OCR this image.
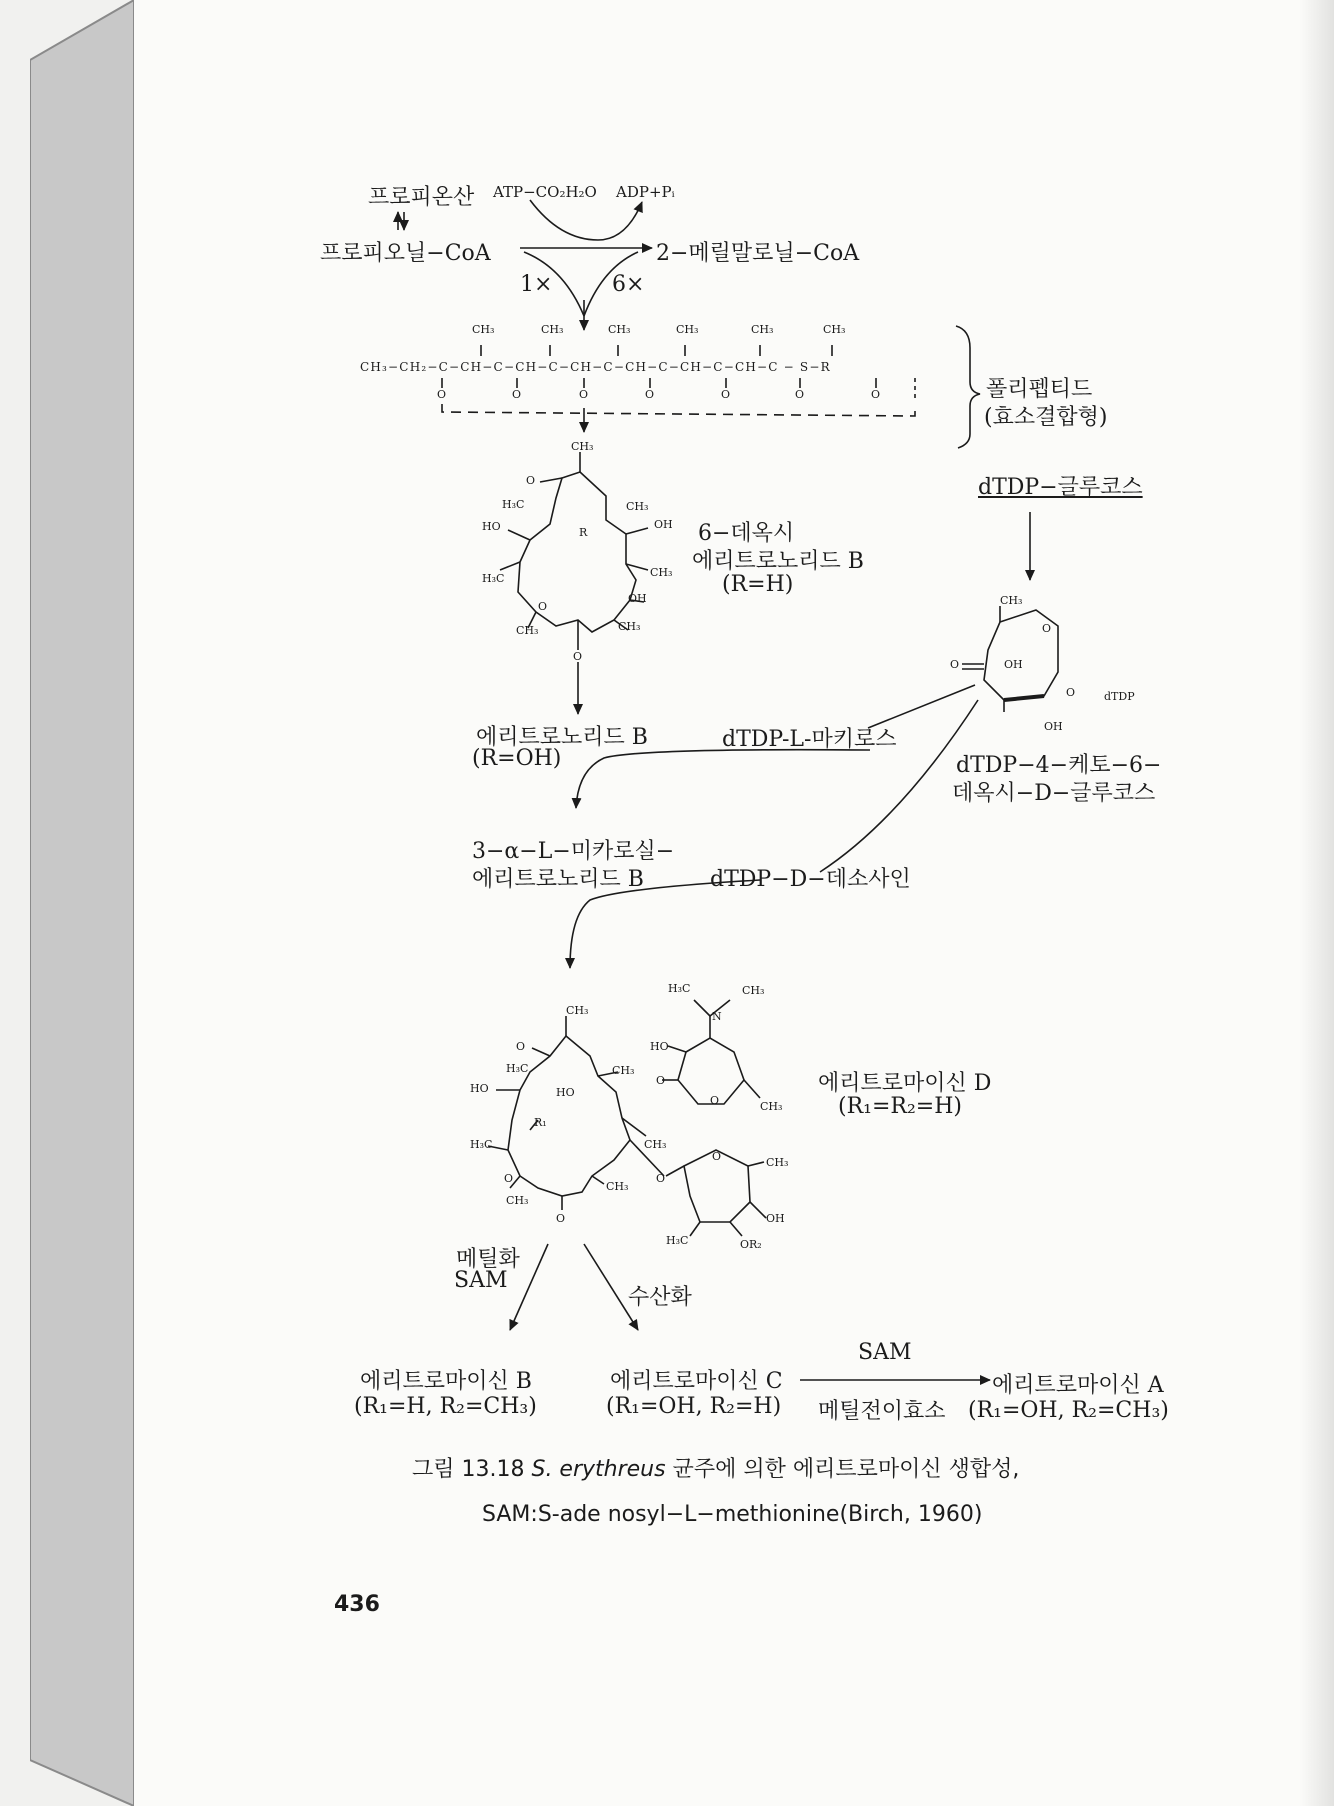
프로피온산 ATP−CO₂H₂O ADP+Pᵢ
프로피오닐−CoA	2−메릴말로닐−CoA
1×	6×
CH₃	CH₃	CH₃	CH₃	CH₃	CH₃
CH₃−CH₂−C−CH−C−CH−C−CH−C−CH−C−CH−C−CH−C − S−R
O	O	O	O	O	O	O	폴리펩티드
(효소결합형)
CH₃
O
H₃C
HO
CH₃
R
OH
H₃C	CH₃
OH
O
CH₃	CH₃
O
6−데옥시
에리트로노리드 B
(R=H)
dTDP−글루코스
CH₃
O
O	OH
O	dTDP
OH
에리트로노리드 B
(R=OH)
dTDP-L-마키로스
dTDP−4−케토−6−
데옥시−D−글루코스
3−α−L−미카로실−
에리트로노리드 B	dTDP−D−데소사인
CH₃
H₃C	CH₃
N
HO
O
H₃C	CH₃
O
HO	HO
O	CH₃
R₁
H₃C	CH₃
O	CH₃
O
CH₃
O
CH₃
OH
O
H₃C	OR₂
에리트로마이신 D
(R₁=R₂=H)
메틸화
SAM
수산화
에리트로마이신 B
(R₁=H, R₂=CH₃)
에리트로마이신 C
(R₁=OH, R₂=H)
SAM
메틸전이효소
에리트로마이신 A
(R₁=OH, R₂=CH₃)
그림 13.18 S. erythreus 균주에 의한 에리트로마이신 생합성,
SAM:S-ade nosyl−L−methionine(Birch, 1960)
436
